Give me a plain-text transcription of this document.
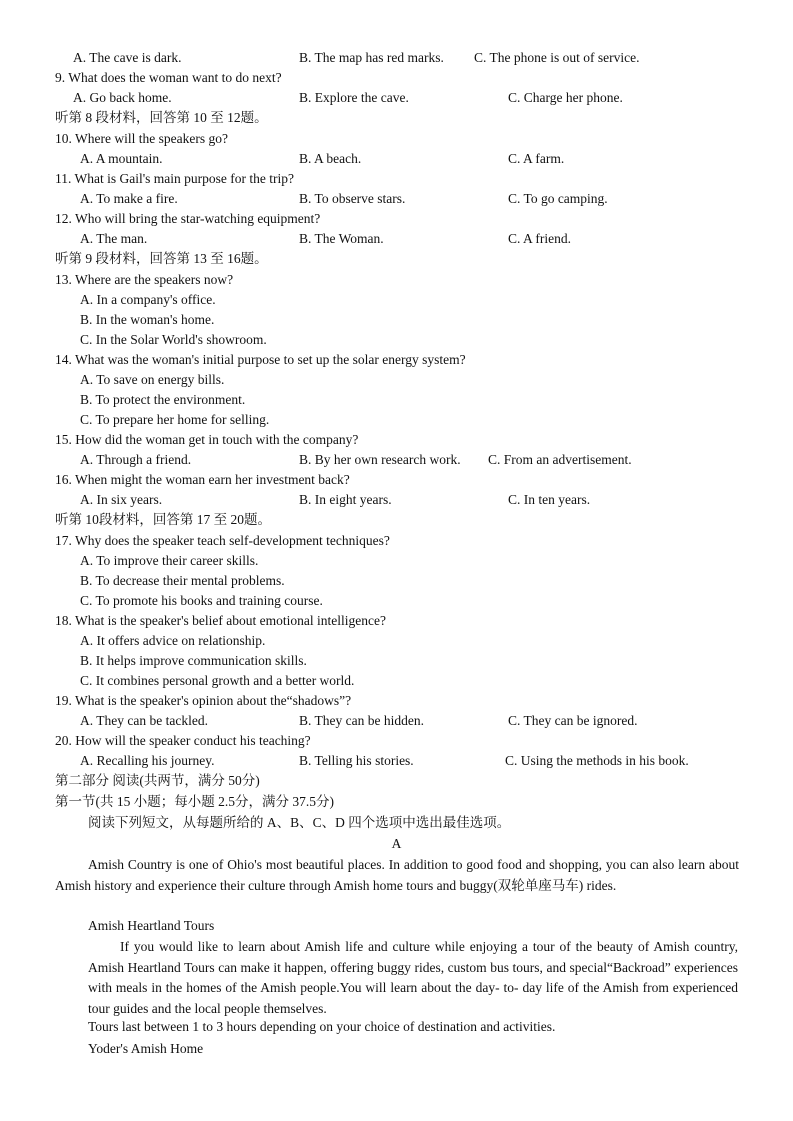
A. The cave is dark.	B. The map has red marks. C. The phone is out of service.
9. What does the woman want to do next?
A. Go back home.	B. Explore the cave.	C. Charge her phone.
听第 8 段材料，回答第 10 至 12题。
10. Where will the speakers go?
A. A mountain.	B. A beach.	C. A farm.
11. What is Gail's main purpose for the trip?
A. To make a fire.	B. To observe stars.	C. To go camping.
12. Who will bring the star-watching equipment?
A. The man.	B. The Woman.	C. A friend.
听第 9 段材料，回答第 13 至 16题。
13. Where are the speakers now?
A. In a company's office.
B. In the woman's home.
C. In the Solar World's showroom.
14. What was the woman's initial purpose to set up the solar energy system?
A. To save on energy bills.
B. To protect the environment.
C. To prepare her home for selling.
15. How did the woman get in touch with the company?
A. Through a friend.	B. By her own research work. C. From an advertisement.
16. When might the woman earn her investment back?
A. In six years.	B. In eight years.	C. In ten years.
听第 10段材料，回答第 17 至 20题。
17. Why does the speaker teach self-development techniques?
A. To improve their career skills.
B. To decrease their mental problems.
C. To promote his books and training course.
18. What is the speaker's belief about emotional intelligence?
A. It offers advice on relationship.
B. It helps improve communication skills.
C. It combines personal growth and a better world.
19. What is the speaker's opinion about the“shadows”?
A. They can be tackled.	B. They can be hidden.	C. They can be ignored.
20. How will the speaker conduct his teaching?
A. Recalling his journey.	B. Telling his stories.	C. Using the methods in his book.
第二部分 阅读(共两节，满分 50分)
第一节(共 15 小题；每小题 2.5分，满分 37.5分)
阅读下列短文，从每题所给的 A、B、C、D 四个选项中选出最佳选项。
A
Amish Country is one of Ohio's most beautiful places. In addition to good food and shopping, you can also learn about Amish history and experience their culture through Amish home tours and buggy(双轮单座马车) rides.
Amish Heartland Tours
If you would like to learn about Amish life and culture while enjoying a tour of the beauty of Amish country, Amish Heartland Tours can make it happen, offering buggy rides, custom bus tours, and special“Backroad” experiences with meals in the homes of the Amish people.You will learn about the day- to- day life of the Amish from experienced tour guides and the local people themselves.
Tours last between 1 to 3 hours depending on your choice of destination and activities.
Yoder's Amish Home
